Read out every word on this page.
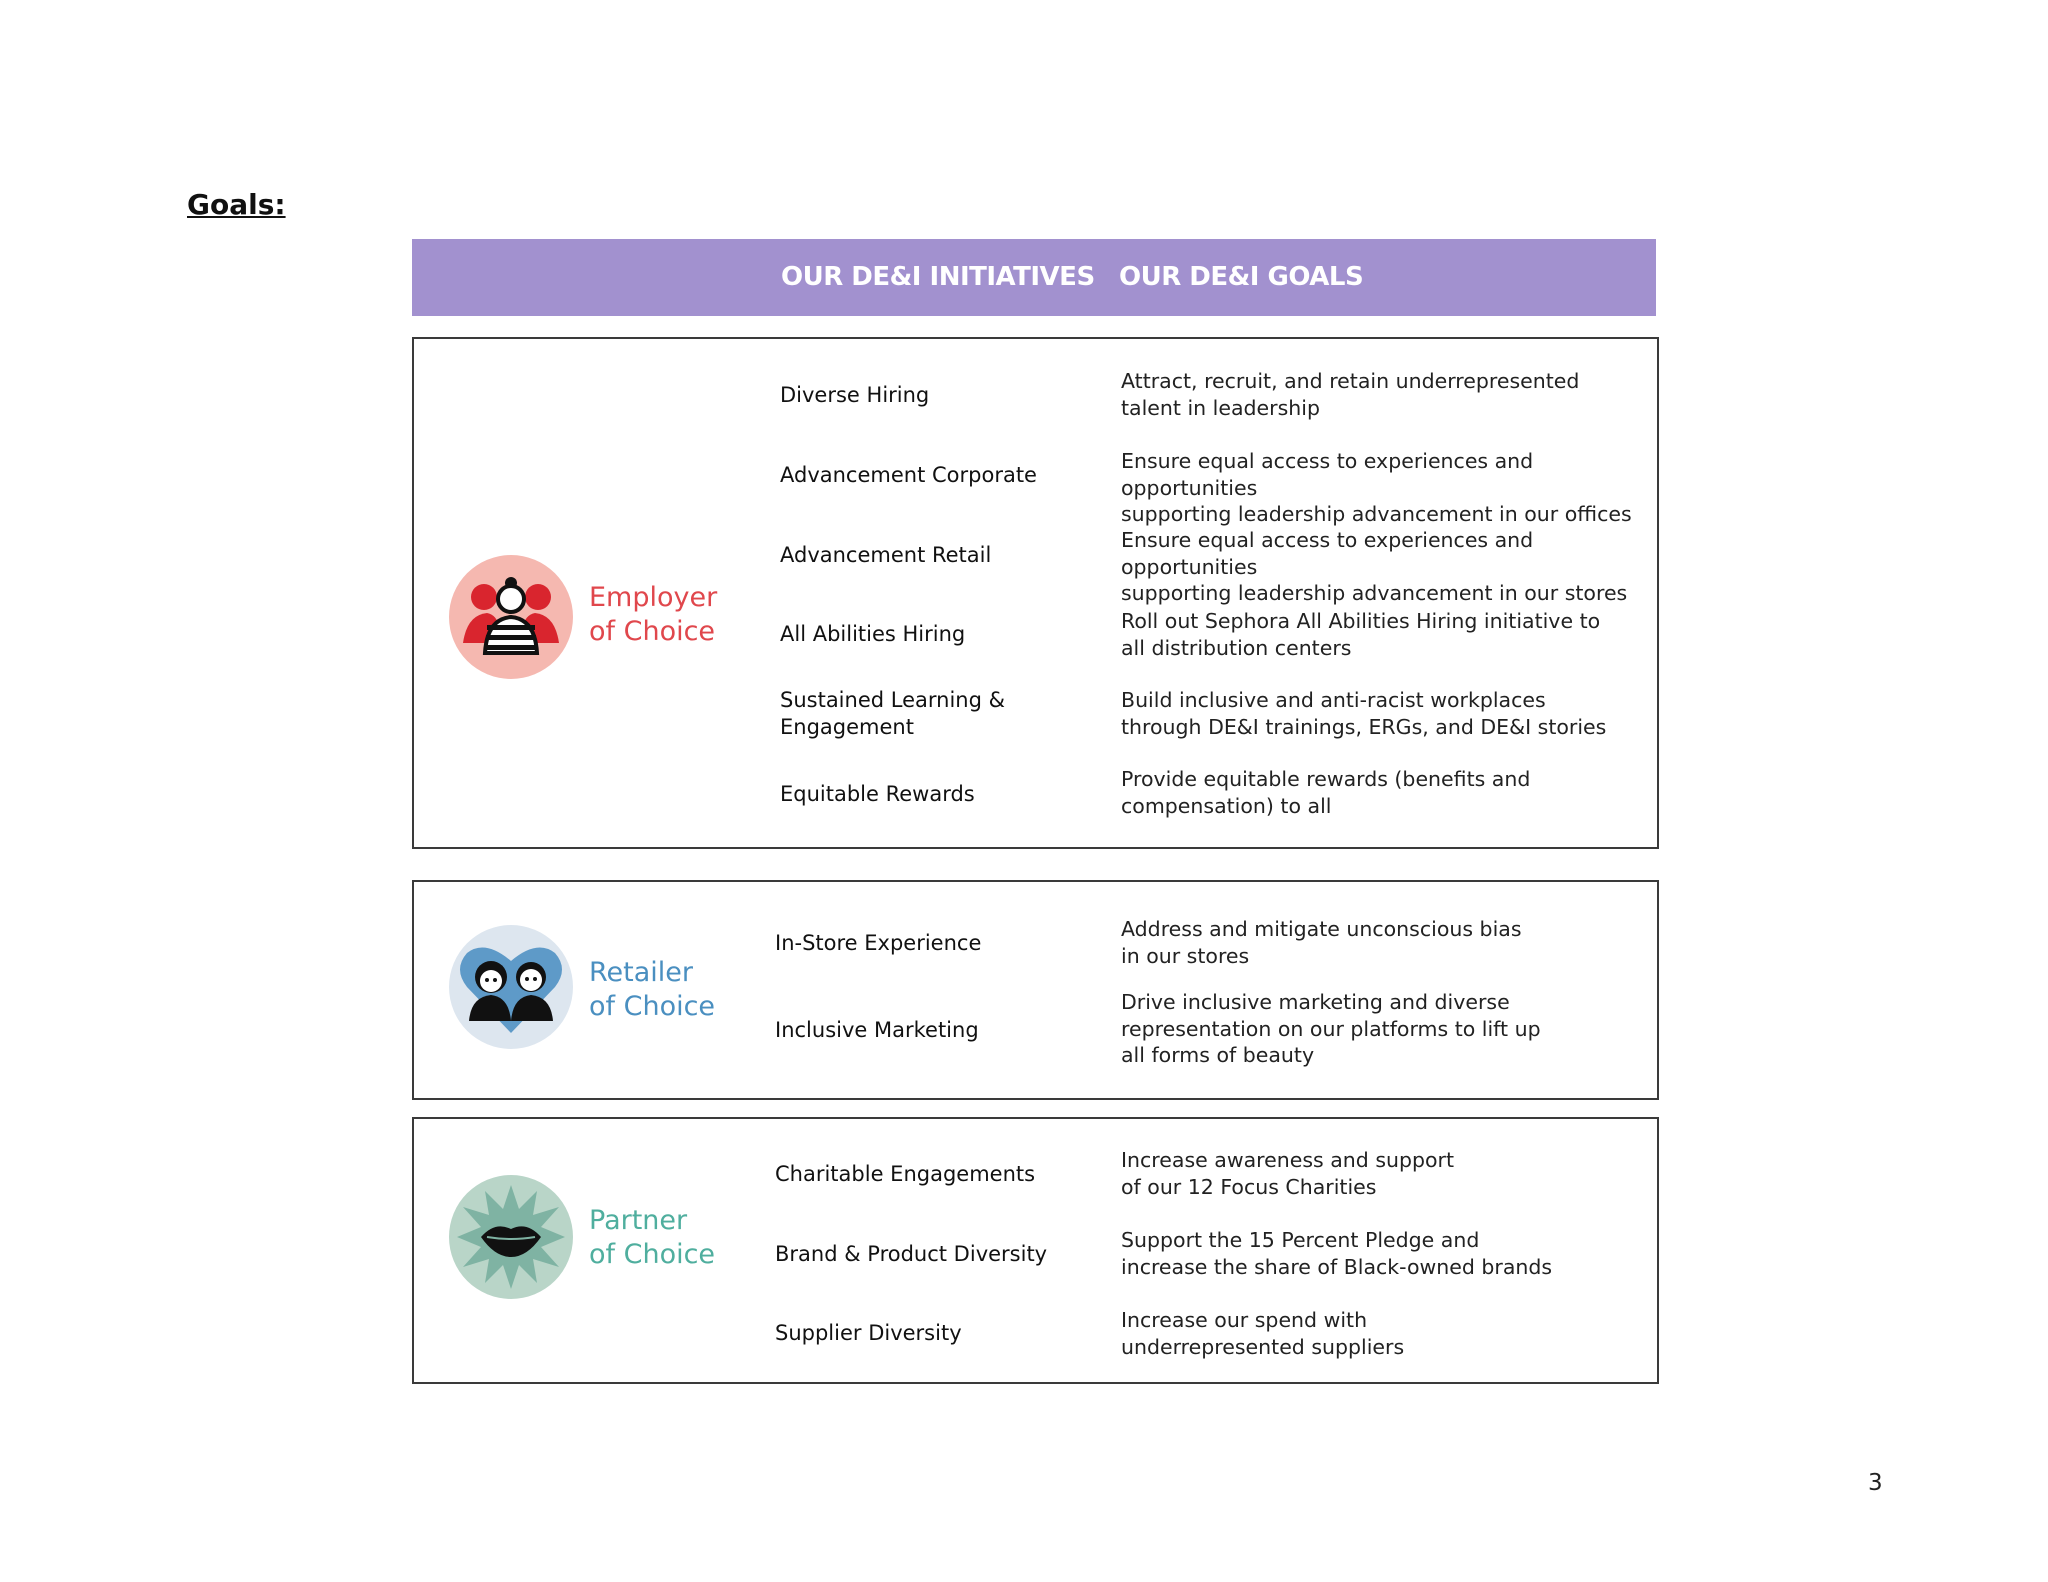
Goals:
OUR DE&I INITIATIVES OUR DE&I GOALS
Employer
of Choice
Diverse Hiring
Attract, recruit, and retain underrepresented
talent in leadership
Advancement Corporate
Ensure equal access to experiences and opportunities
supporting leadership advancement in our offices
Advancement Retail
Ensure equal access to experiences and opportunities
supporting leadership advancement in our stores
All Abilities Hiring
Roll out Sephora All Abilities Hiring initiative to
all distribution centers
Sustained Learning &
Engagement
Build inclusive and anti-racist workplaces
through DE&I trainings, ERGs, and DE&I stories
Equitable Rewards
Provide equitable rewards (benefits and
compensation) to all
Retailer
of Choice
In-Store Experience
Address and mitigate unconscious bias
in our stores
Inclusive Marketing
Drive inclusive marketing and diverse
representation on our platforms to lift up
all forms of beauty
Partner
of Choice
Charitable Engagements
Increase awareness and support
of our 12 Focus Charities
Brand & Product Diversity
Support the 15 Percent Pledge and
increase the share of Black-owned brands
Supplier Diversity
Increase our spend with
underrepresented suppliers
3
